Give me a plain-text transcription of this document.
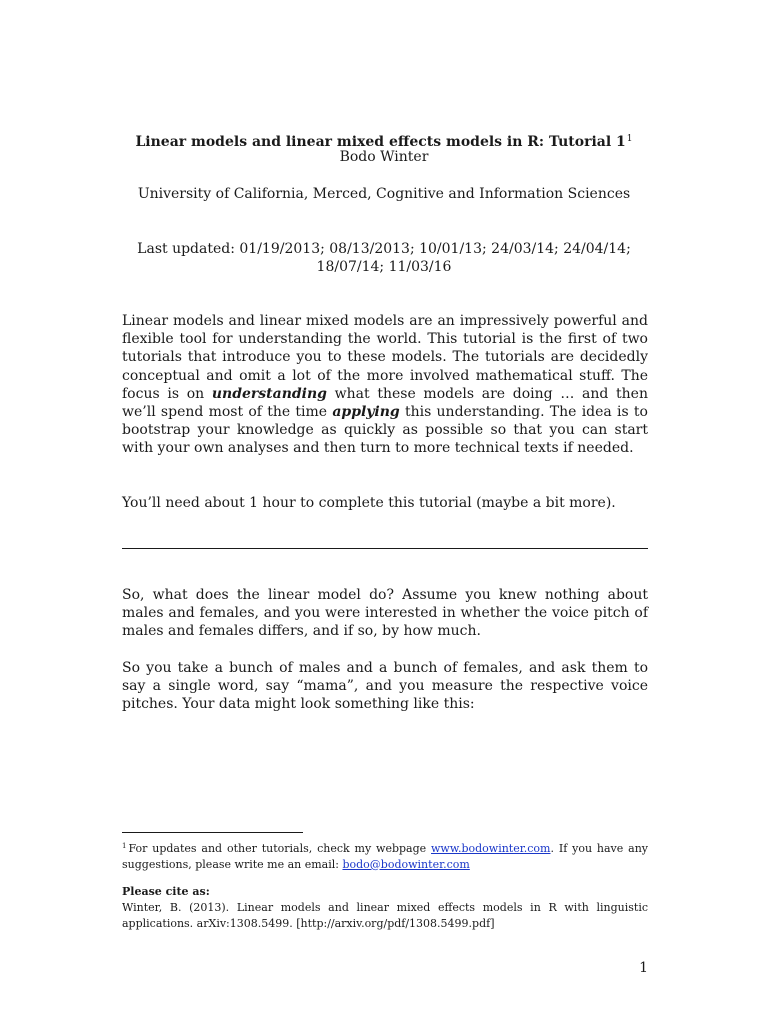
Linear models and linear mixed effects models in R: Tutorial $1^1$
Bodo Winter
University of California, Merced, Cognitive and Information Sciences
Last updated: 01/19/2013; 08/13/2013; 10/01/13; 24/03/14; 24/04/14;
18/07/14; 11/03/16
Linear models and linear mixed models are an impressively powerful and flexible tool for understanding the world. This tutorial is the first of two tutorials that introduce you to these models. The tutorials are decidedly conceptual and omit a lot of the more involved mathematical stuff. The focus is on understanding what these models are doing … and then we’ll spend most of the time applying this understanding. The idea is to bootstrap your knowledge as quickly as possible so that you can start with your own analyses and then turn to more technical texts if needed.
You’ll need about 1 hour to complete this tutorial (maybe a bit more).
So, what does the linear model do? Assume you knew nothing about males and females, and you were interested in whether the voice pitch of males and females differs, and if so, by how much.
So you take a bunch of males and a bunch of females, and ask them to say a single word, say “mama”, and you measure the respective voice pitches. Your data might look something like this:
$^1$ For updates and other tutorials, check my webpage www.bodowinter.com. If you have any suggestions, please write me an email: bodo@bodowinter.com
Please cite as:
Winter, B. (2013). Linear models and linear mixed effects models in R with linguistic applications. arXiv:1308.5499. [http://arxiv.org/pdf/1308.5499.pdf]
1
